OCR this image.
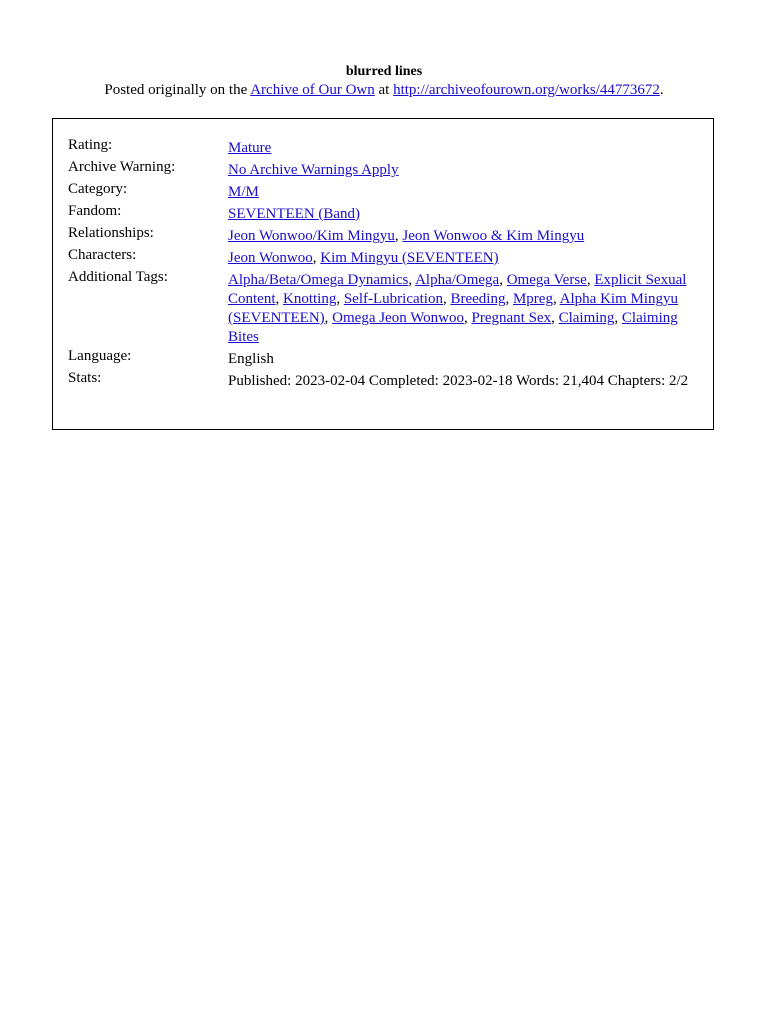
blurred lines
Posted originally on the Archive of Our Own at http://archiveofourown.org/works/44773672.
Rating:	Mature
Archive Warning:	No Archive Warnings Apply
Category:	M/M
Fandom:	SEVENTEEN (Band)
Relationships:	Jeon Wonwoo/Kim Mingyu, Jeon Wonwoo & Kim Mingyu
Characters:	Jeon Wonwoo, Kim Mingyu (SEVENTEEN)
Additional Tags:	Alpha/Beta/Omega Dynamics, Alpha/Omega, Omega Verse, Explicit Sexual Content, Knotting, Self-Lubrication, Breeding, Mpreg, Alpha Kim Mingyu (SEVENTEEN), Omega Jeon Wonwoo, Pregnant Sex, Claiming, Claiming Bites
Language:	English
Stats:	Published: 2023-02-04 Completed: 2023-02-18 Words: 21,404 Chapters: 2/2
